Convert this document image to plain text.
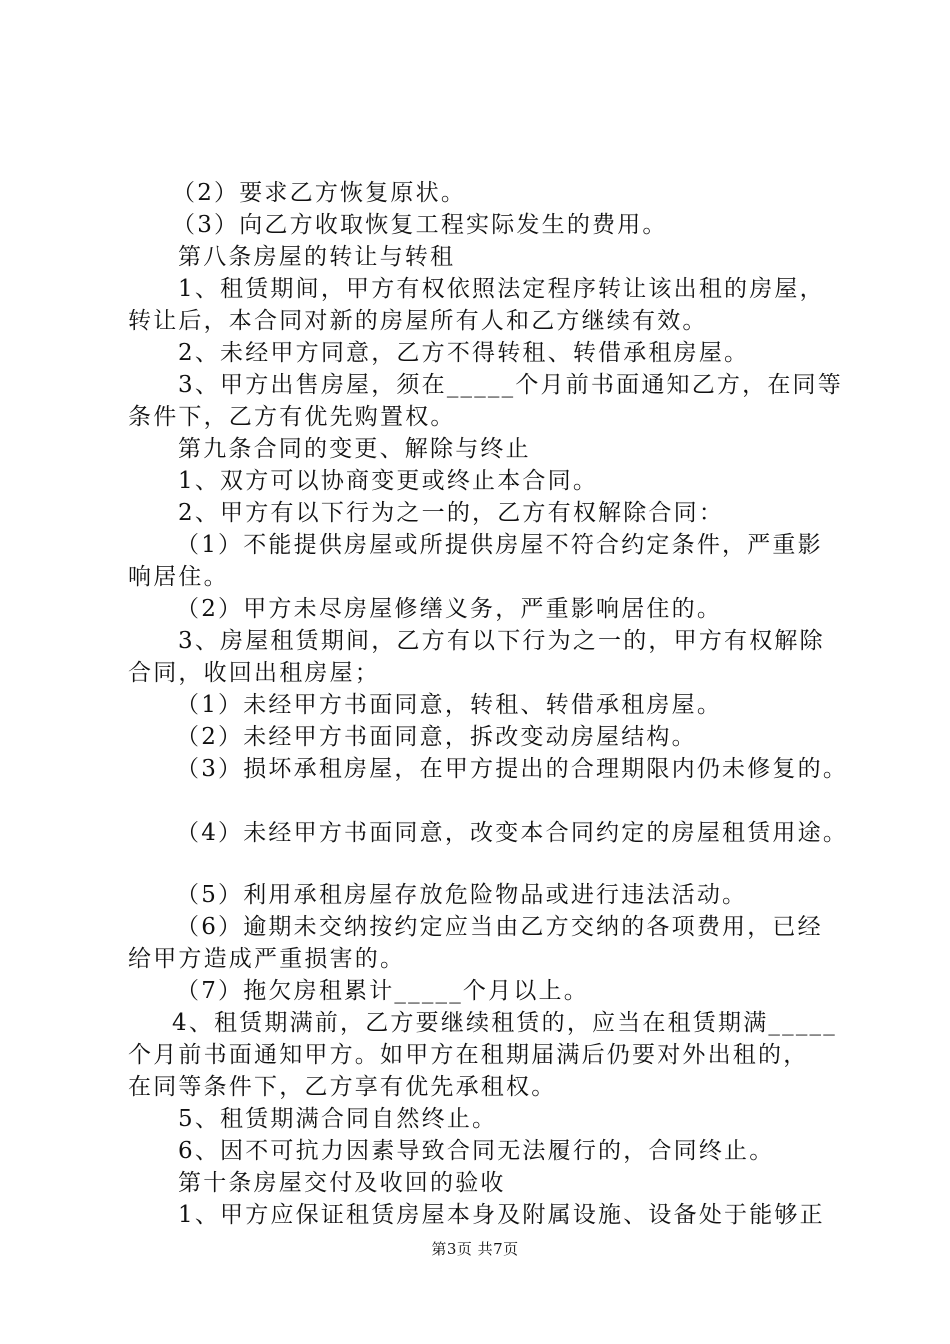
（2）要求乙方恢复原状。
（3）向乙方收取恢复工程实际发生的费用。
第八条房屋的转让与转租
1、租赁期间，甲方有权依照法定程序转让该出租的房屋，
转让后，本合同对新的房屋所有人和乙方继续有效。
2、未经甲方同意，乙方不得转租、转借承租房屋。
3、甲方出售房屋，须在_____个月前书面通知乙方，在同等
条件下，乙方有优先购置权。
第九条合同的变更、解除与终止
1、双方可以协商变更或终止本合同。
2、甲方有以下行为之一的，乙方有权解除合同：
（1）不能提供房屋或所提供房屋不符合约定条件，严重影
响居住。
（2）甲方未尽房屋修缮义务，严重影响居住的。
3、房屋租赁期间，乙方有以下行为之一的，甲方有权解除
合同，收回出租房屋；
（1）未经甲方书面同意，转租、转借承租房屋。
（2）未经甲方书面同意，拆改变动房屋结构。
（3）损坏承租房屋，在甲方提出的合理期限内仍未修复的。
（4）未经甲方书面同意，改变本合同约定的房屋租赁用途。
（5）利用承租房屋存放危险物品或进行违法活动。
（6）逾期未交纳按约定应当由乙方交纳的各项费用，已经
给甲方造成严重损害的。
（7）拖欠房租累计_____个月以上。
4、租赁期满前，乙方要继续租赁的，应当在租赁期满_____
个月前书面通知甲方。如甲方在租期届满后仍要对外出租的，
在同等条件下，乙方享有优先承租权。
5、租赁期满合同自然终止。
6、因不可抗力因素导致合同无法履行的，合同终止。
第十条房屋交付及收回的验收
1、甲方应保证租赁房屋本身及附属设施、设备处于能够正
第3页 共7页
